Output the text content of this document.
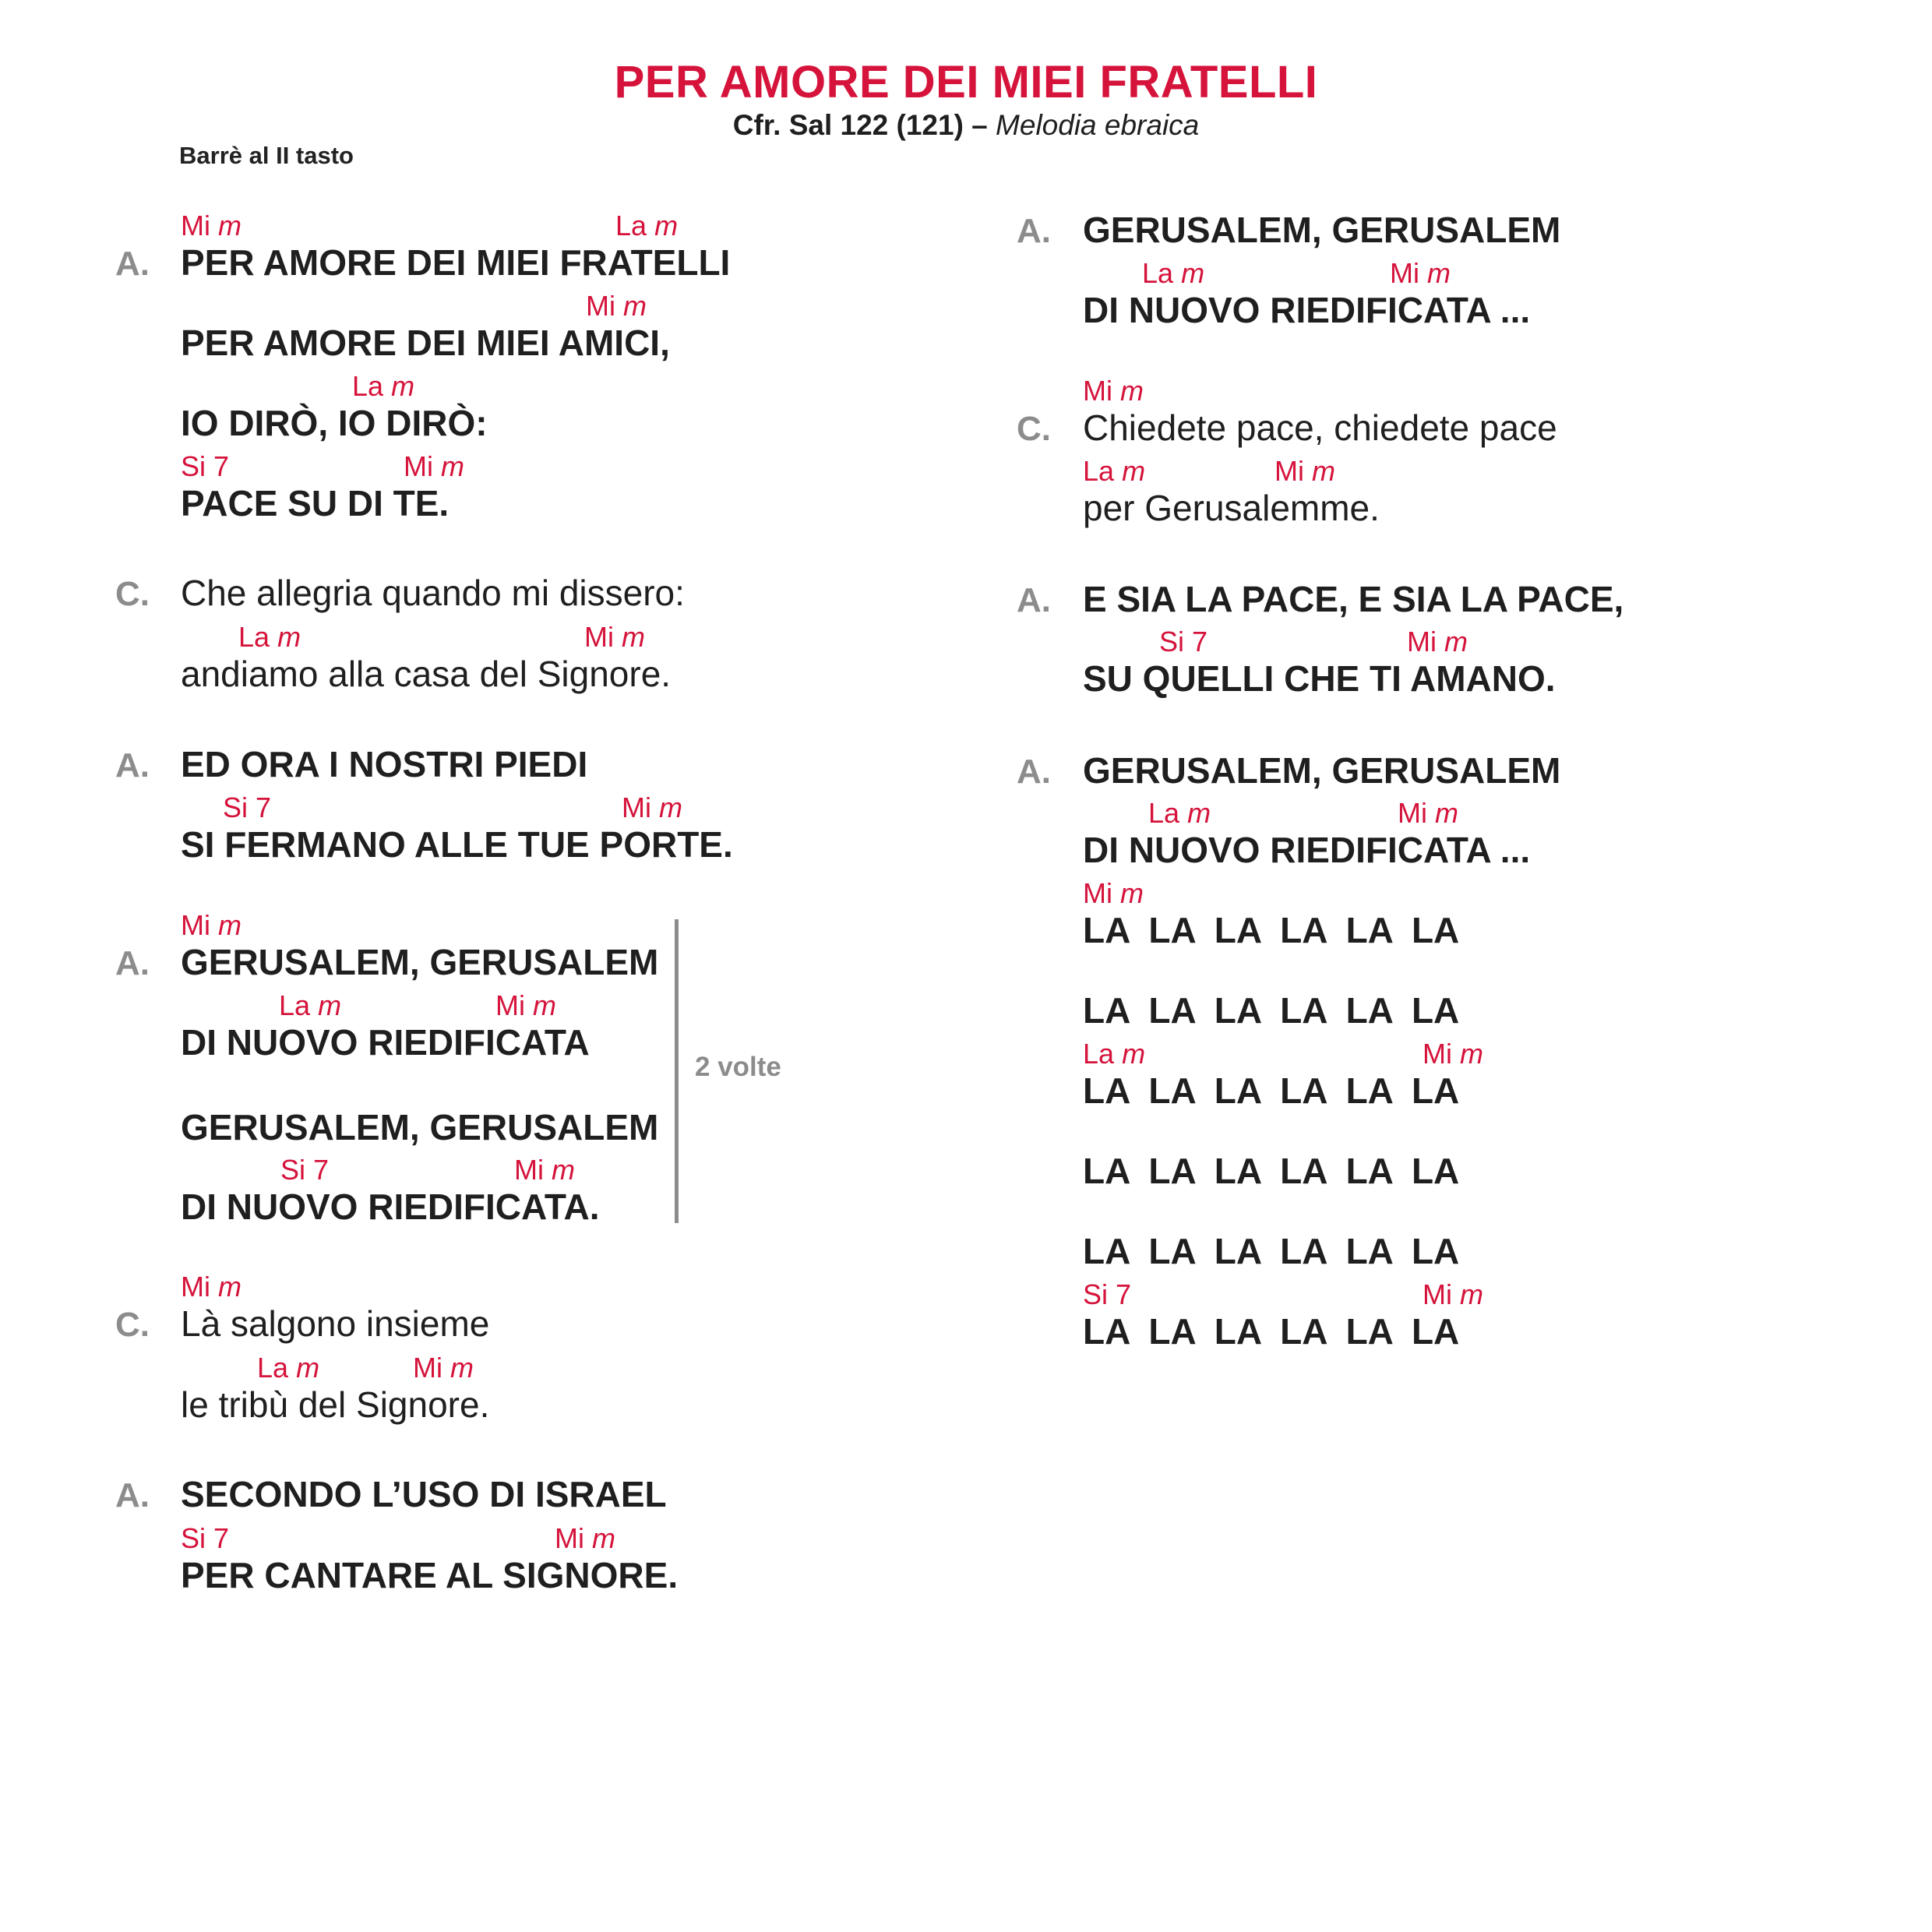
PER AMORE DEI MIEI FRATELLI
Cfr. Sal 122 (121) – Melodia ebraica
Barrè al II tasto
A.
Mi m	La m
PER AMORE DEI MIEI FRATELLI
Mi m
PER AMORE DEI MIEI AMICI,
La m
IO DIRÒ, IO DIRÒ:
Si 7	Mi m
PACE SU DI TE.
C. Che allegria quando mi dissero:
La m	Mi m
andiamo alla casa del Signore.
A. ED ORA I NOSTRI PIEDI
Si 7	Mi m
SI FERMANO ALLE TUE PORTE.
A.
Mi m
GERUSALEM, GERUSALEM
La m	Mi m
DI NUOVO RIEDIFICATA
GERUSALEM, GERUSALEM
Si 7	Mi m
DI NUOVO RIEDIFICATA.
2 volte
C.
Mi m
Là salgono insieme
La m	Mi m
le tribù del Signore.
A. SECONDO L’USO DI ISRAEL
Si 7	Mi m
PER CANTARE AL SIGNORE.
A. GERUSALEM, GERUSALEM
La m	Mi m
DI NUOVO RIEDIFICATA ...
C.
Mi m
Chiedete pace, chiedete pace
La m	Mi m
per Gerusalemme.
A. E SIA LA PACE, E SIA LA PACE,
Si 7	Mi m
SU QUELLI CHE TI AMANO.
A. GERUSALEM, GERUSALEM
La m	Mi m
DI NUOVO RIEDIFICATA ...
Mi m
LA LA LA LA LA LA
LA LA LA LA LA LA
La m	Mi m
LA LA LA LA LA LA
LA LA LA LA LA LA
LA LA LA LA LA LA
Si 7	Mi m
LA LA LA LA LA LA
